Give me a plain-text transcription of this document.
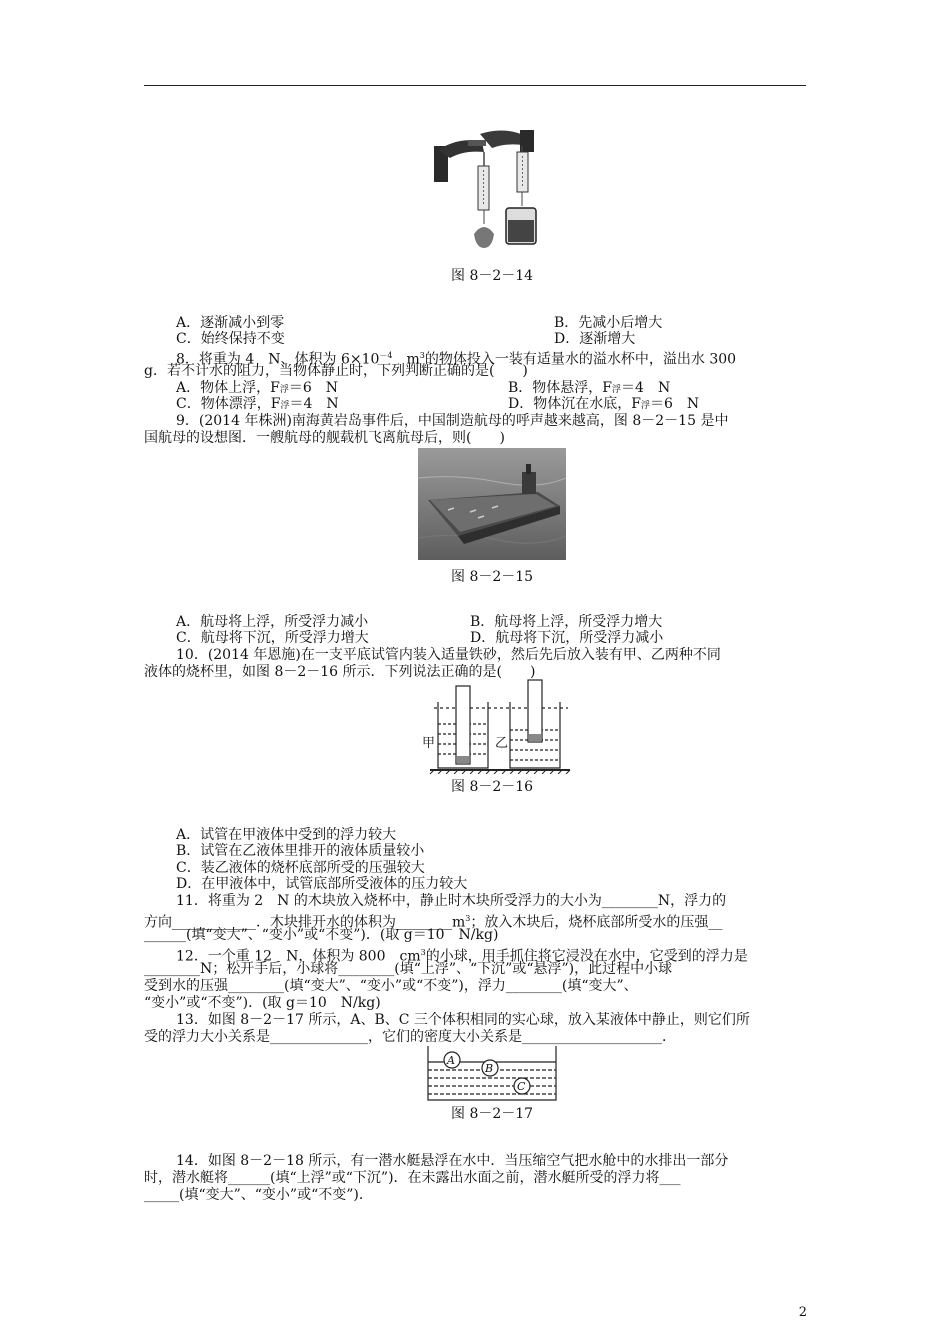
图 8－2－14
A．逐渐减小到零	B．先减小后增大
C．始终保持不变	D．逐渐增大
8．将重为 4　N、体积为 $6\times 10^{-4}$　$m^3$的物体投入一装有适量水的溢水杯中，溢出水 300
g．若不计水的阻力，当物体静止时，下列判断正确的是(　　)
A．物体上浮，F浮＝6　N	B．物体悬浮，F浮＝4　N
C．物体漂浮，F浮＝4　N	D．物体沉在水底，F浮＝6　N
9．(2014 年株洲)南海黄岩岛事件后，中国制造航母的呼声越来越高，图 8－2－15 是中
国航母的设想图．一艘航母的舰载机飞离航母后，则(　　)
图 8－2－15
A．航母将上浮，所受浮力减小	B．航母将上浮，所受浮力增大
C．航母将下沉，所受浮力增大	D．航母将下沉，所受浮力减小
10．(2014 年恩施)在一支平底试管内装入适量铁砂，然后先后放入装有甲、乙两种不同
液体的烧杯里，如图 8－2－16 所示．下列说法正确的是(　　)
甲	乙
图 8－2－16
A．试管在甲液体中受到的浮力较大
B．试管在乙液体里排开的液体质量较小
C．装乙液体的烧杯底部所受的压强较大
D．在甲液体中，试管底部所受液体的压力较大
11．将重为 2　N 的木块放入烧杯中，静止时木块所受浮力的大小为________N，浮力的
方向____________．木块排开水的体积为$\_\_\_\_\_\_\_\_m^3$；放入木块后，烧杯底部所受水的压强__
______(填“变大”、“变小”或“不变”)．(取 g＝10　N/kg)
12．一个重 12　N，体积为 800　$cm^3$的小球，用手抓住将它浸没在水中，它受到的浮力是
________N；松开手后，小球将________(填“上浮”、“下沉”或“悬浮”)，此过程中小球
受到水的压强________(填“变大”、“变小”或“不变”)，浮力________(填“变大”、
“变小”或“不变”)．(取 g＝10　N/kg)
13．如图 8－2－17 所示，A、B、C 三个体积相同的实心球，放入某液体中静止，则它们所
受的浮力大小关系是______________，它们的密度大小关系是____________________．
A
B
C
图 8－2－17
14．如图 8－2－18 所示，有一潜水艇悬浮在水中．当压缩空气把水舱中的水排出一部分
时，潜水艇将______(填“上浮”或“下沉”)．在未露出水面之前，潜水艇所受的浮力将___
_____(填“变大”、“变小”或“不变”)．
2
